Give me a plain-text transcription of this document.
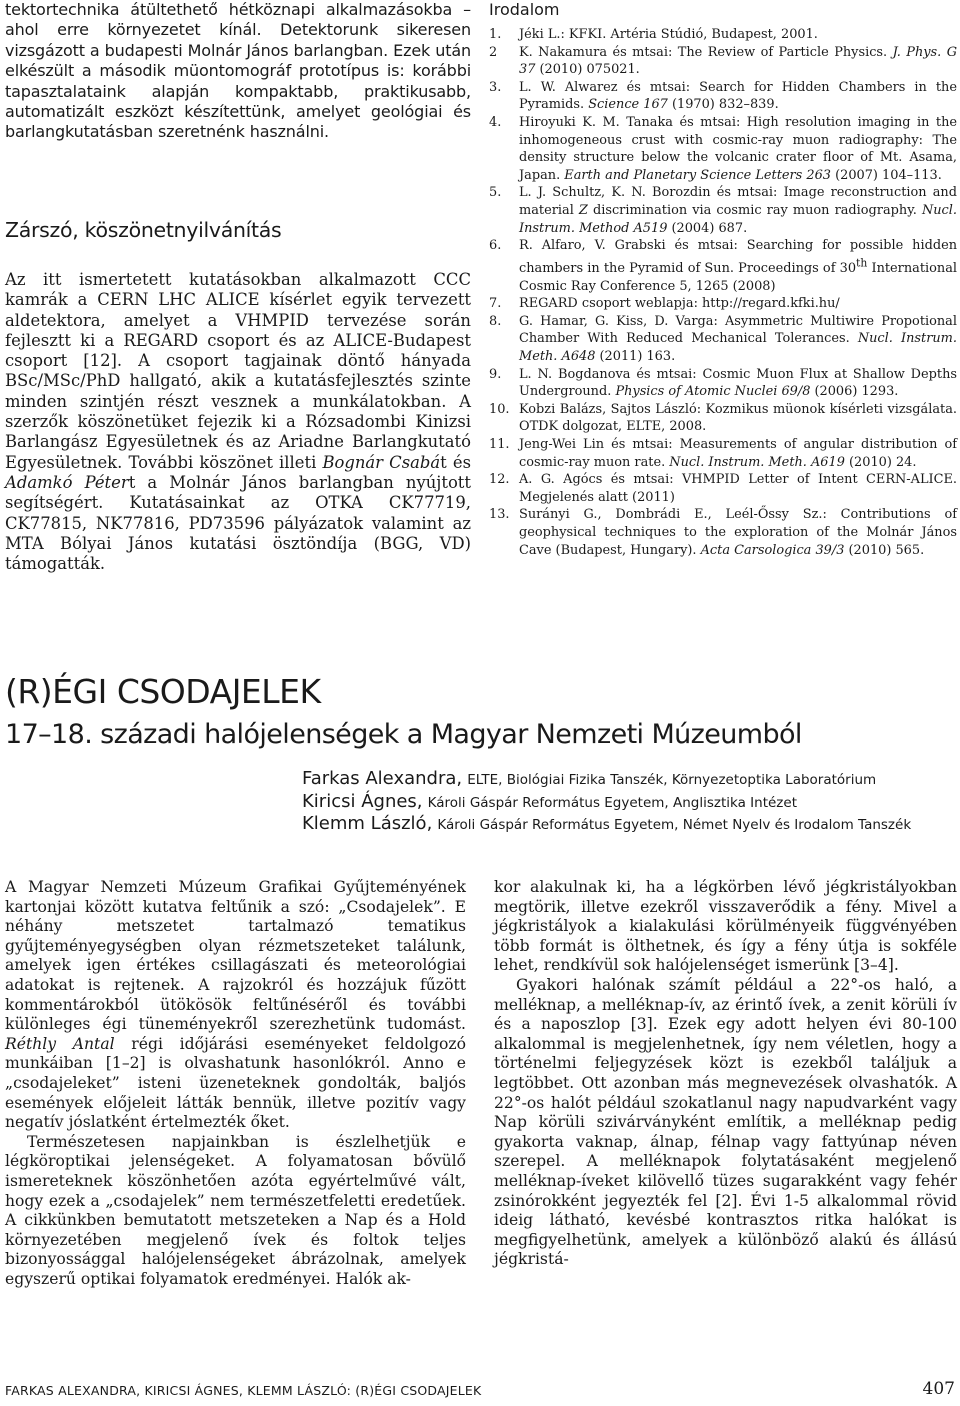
tektortechnika átültethető hétköznapi alkalmazásokba – ahol erre környezetet kínál. Detektorunk sikeresen vizsgázott a budapesti Molnár János barlangban. Ezek után elkészült a második müontomográf prototípus is: korábbi tapasztalataink alapján kompaktabb, praktikusabb, automatizált eszközt készítettünk, amelyet geológiai és barlangkutatásban szeretnénk használni.

Zárszó, köszönetnyilvánítás

Az itt ismertetett kutatásokban alkalmazott CCC kamrák a CERN LHC ALICE kísérlet egyik tervezett aldetektora, amelyet a VHMPID tervezése során fejlesztt ki a REGARD csoport és az ALICE-Budapest csoport [12]. A csoport tagjainak döntő hányada BSc/MSc/PhD hallgató, akik a kutatásfejlesztés szinte minden szintjén részt vesznek a munkálatokban. A szerzők köszönetüket fejezik ki a Rózsadombi Kinizsi Barlangász Egyesületnek és az Ariadne Barlangkutató Egyesületnek. További köszönet illeti Bognár Csabát és Adamkó Pétert a Molnár János barlangban nyújtott segítségért. Kutatásainkat az OTKA CK77719, CK77815, NK77816, PD73596 pályázatok valamint az MTA Bólyai János kutatási ösztöndíja (BGG, VD) támogatták.

Irodalom
1.	Jéki L.: KFKI. Artéria Stúdió, Budapest, 2001.
2	K. Nakamura és mtsai: The Review of Particle Physics. J. Phys. G 37 (2010) 075021.
3.	L. W. Alwarez és mtsai: Search for Hidden Chambers in the Pyramids. Science 167 (1970) 832–839.
4.	Hiroyuki K. M. Tanaka és mtsai: High resolution imaging in the inhomogeneous crust with cosmic-ray muon radiography: The density structure below the volcanic crater floor of Mt. Asama, Japan. Earth and Planetary Science Letters 263 (2007) 104–113.
5.	L. J. Schultz, K. N. Borozdin és mtsai: Image reconstruction and material Z discrimination via cosmic ray muon radiography. Nucl. Instrum. Method A519 (2004) 687.
6.	R. Alfaro, V. Grabski és mtsai: Searching for possible hidden chambers in the Pyramid of Sun. Proceedings of 30th International Cosmic Ray Conference 5, 1265 (2008)
7.	REGARD csoport weblapja: http://regard.kfki.hu/
8.	G. Hamar, G. Kiss, D. Varga: Asymmetric Multiwire Propotional Chamber With Reduced Mechanical Tolerances. Nucl. Instrum. Meth. A648 (2011) 163.
9.	L. N. Bogdanova és mtsai: Cosmic Muon Flux at Shallow Depths Underground. Physics of Atomic Nuclei 69/8 (2006) 1293.
10. Kobzi Balázs, Sajtos László: Kozmikus müonok kísérleti vizsgálata. OTDK dolgozat, ELTE, 2008.
11. Jeng-Wei Lin és mtsai: Measurements of angular distribution of cosmic-ray muon rate. Nucl. Instrum. Meth. A619 (2010) 24.
12. A. G. Agócs és mtsai: VHMPID Letter of Intent CERN-ALICE. Megjelenés alatt (2011)
13. Surányi G., Dombrádi E., Leél-Őssy Sz.: Contributions of geophysical techniques to the exploration of the Molnár János Cave (Budapest, Hungary). Acta Carsologica 39/3 (2010) 565.
(R)ÉGI CSODAJELEK
17–18. századi halójelenségek a Magyar Nemzeti Múzeumból
Farkas Alexandra, ELTE, Biológiai Fizika Tanszék, Környezetoptika Laboratórium
Kiricsi Ágnes, Károli Gáspár Református Egyetem, Anglisztika Intézet
Klemm László, Károli Gáspár Református Egyetem, Német Nyelv és Irodalom Tanszék

A Magyar Nemzeti Múzeum Grafikai Gyűjteményének kartonjai között kutatva feltűnik a szó: „Csodajelek”. E néhány metszetet tartalmazó tematikus gyűjteményegységben olyan rézmetszeteket találunk, amelyek igen értékes csillagászati és meteorológiai adatokat is rejtenek. A rajzokról és hozzájuk fűzött kommentárokból ütökösök feltűnéséről és további különleges égi tüneményekről szerezhetünk tudomást. Réthly Antal régi időjárási eseményeket feldolgozó munkáiban [1–2] is olvashatunk hasonlókról. Anno e „csodajeleket” isteni üzeneteknek gondolták, baljós események előjeleit látták bennük, illetve pozitív vagy negatív jóslatként értelmezték őket.

Természetesen napjainkban is észlelhetjük e légköroptikai jelenségeket. A folyamatosan bővülő ismereteknek köszönhetően azóta egyértelművé vált, hogy ezek a „csodajelek” nem természetfeletti eredetűek. A cikkünkben bemutatott metszeteken a Nap és a Hold környezetében megjelenő ívek és foltok teljes bizonyossággal halójelenségeket ábrázolnak, amelyek egyszerű optikai folyamatok eredményei. Halók ak-

kor alakulnak ki, ha a légkörben lévő jégkristályokban megtörik, illetve ezekről visszaverődik a fény. Mivel a jégkristályok a kialakulási körülményeik függvényében több formát is ölthetnek, és így a fény útja is sokféle lehet, rendkívül sok halójelenséget ismerünk [3–4].

Gyakori halónak számít például a 22°-os haló, a melléknap, a melléknap-ív, az érintő ívek, a zenit körüli ív és a naposzlop [3]. Ezek egy adott helyen évi 80-100 alkalommal is megjelenhetnek, így nem véletlen, hogy a történelmi feljegyzések közt is ezekből találjuk a legtöbbet. Ott azonban más megnevezések olvashatók. A 22°-os halót például szokatlanul nagy napudvarként vagy Nap körüli szivárványként említik, a melléknap pedig gyakorta vaknap, álnap, félnap vagy fattyúnap néven szerepel. A melléknapok folytatásaként megjelenő melléknap-íveket kilövellő tüzes sugarakként vagy fehér zsinórokként jegyezték fel [2]. Évi 1-5 alkalommal rövid ideig látható, kevésbé kontrasztos ritka halókat is megfigyelhetünk, amelyek a különböző alakú és állású jégkristá-

FARKAS ALEXANDRA, KIRICSI ÁGNES, KLEMM LÁSZLÓ: (R)ÉGI CSODAJELEK	407
